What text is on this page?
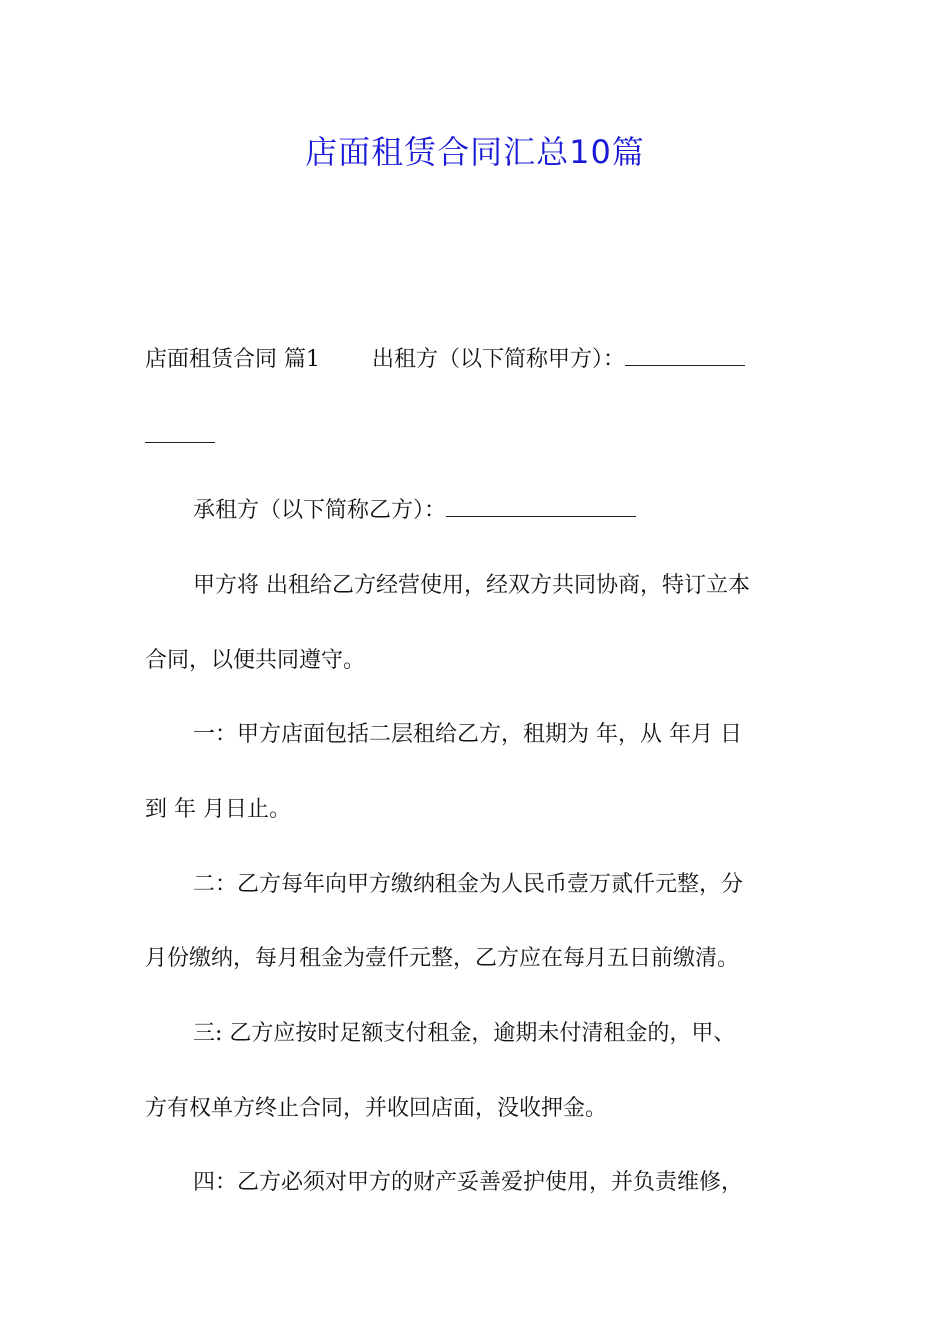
店面租赁合同汇总10篇
店面租赁合同 篇1 出租方（以下简称甲方）：
承租方（以下简称乙方）：
甲方将 出租给乙方经营使用，经双方共同协商，特订立本
合同，以便共同遵守。
一：甲方店面包括二层租给乙方，租期为 年，从 年月 日
到 年 月日止。
二：乙方每年向甲方缴纳租金为人民币壹万贰仟元整，分
月份缴纳，每月租金为壹仟元整，乙方应在每月五日前缴清。
三: 乙方应按时足额支付租金，逾期未付清租金的，甲、
方有权单方终止合同，并收回店面，没收押金。
四：乙方必须对甲方的财产妥善爱护使用，并负责维修，
